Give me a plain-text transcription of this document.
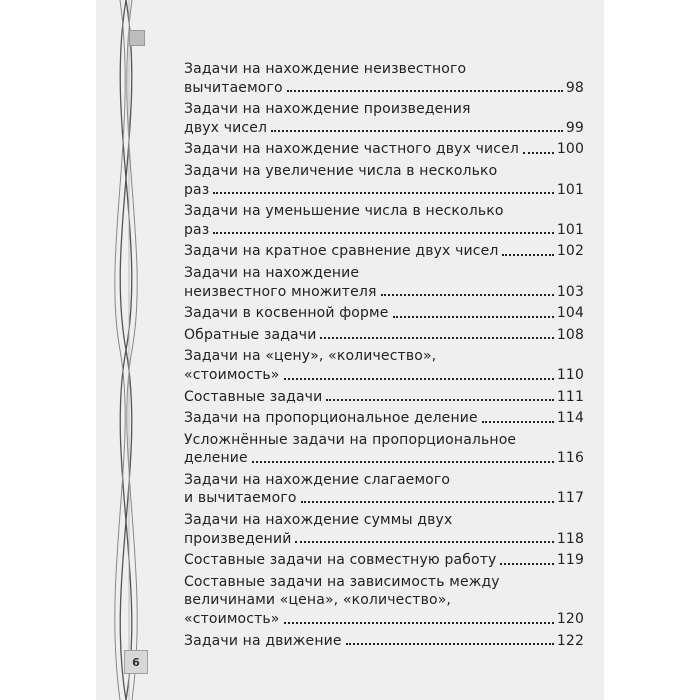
6
Задачи на нахождение неизвестного
вычитаемого	98
Задачи на нахождение произведения
двух чисел	99
Задачи на нахождение частного двух чисел	100
Задачи на увеличение числа в несколько
раз	101
Задачи на уменьшение числа в несколько
раз	101
Задачи на кратное сравнение двух чисел	102
Задачи на нахождение
неизвестного множителя	103
Задачи в косвенной форме	104
Обратные задачи	108
Задачи на «цену», «количество»,
«стоимость»	110
Составные задачи	111
Задачи на пропорциональное деление	114
Усложнённые задачи на пропорциональное
деление	116
Задачи на нахождение слагаемого
и вычитаемого	117
Задачи на нахождение суммы двух
произведений	118
Составные задачи на совместную работу	119
Составные задачи на зависимость между
величинами «цена», «количество»,
«стоимость»	120
Задачи на движение	122
